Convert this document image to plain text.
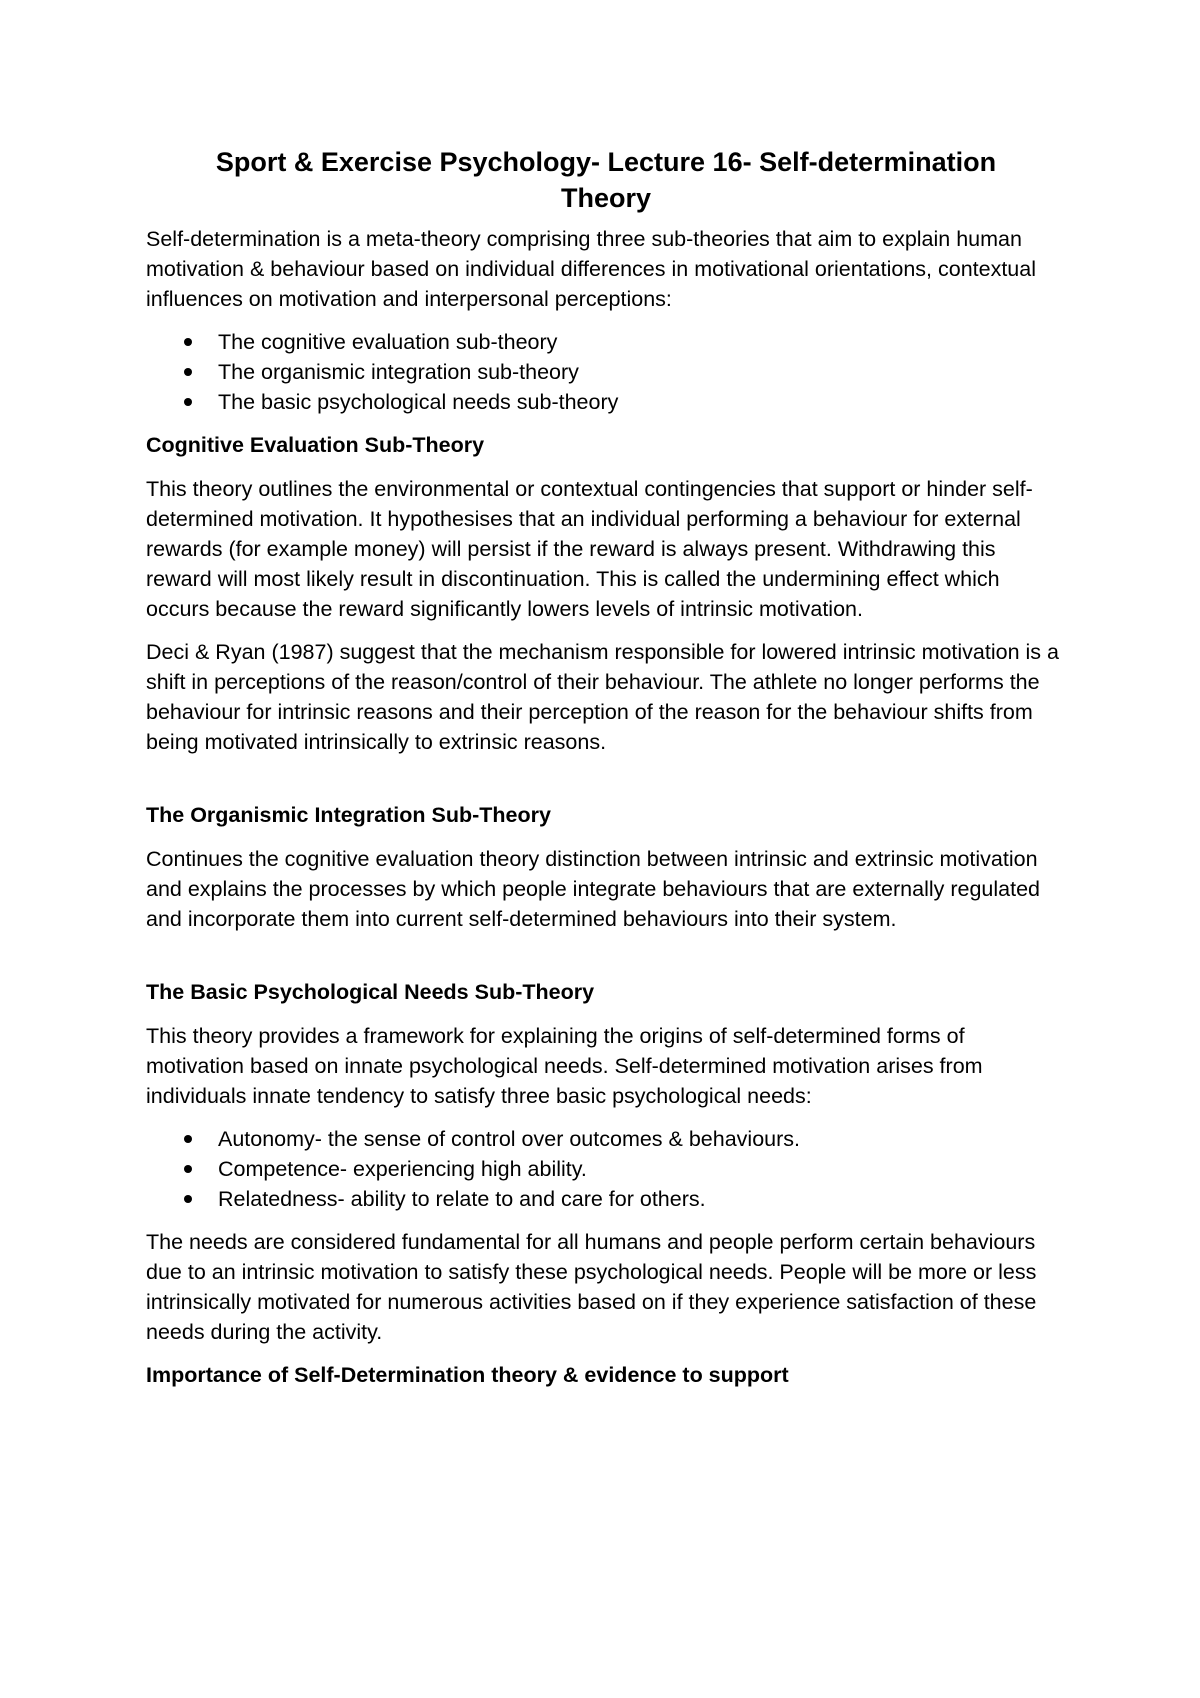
Sport & Exercise Psychology- Lecture 16- Self-determination
Theory

Self-determination is a meta-theory comprising three sub-theories that aim to explain human motivation & behaviour based on individual differences in motivational orientations, contextual influences on motivation and interpersonal perceptions:

The cognitive evaluation sub-theory
The organismic integration sub-theory
The basic psychological needs sub-theory
Cognitive Evaluation Sub-Theory

This theory outlines the environmental or contextual contingencies that support or hinder self-determined motivation. It hypothesises that an individual performing a behaviour for external rewards (for example money) will persist if the reward is always present. Withdrawing this reward will most likely result in discontinuation. This is called the undermining effect which occurs because the reward significantly lowers levels of intrinsic motivation.

Deci & Ryan (1987) suggest that the mechanism responsible for lowered intrinsic motivation is a shift in perceptions of the reason/control of their behaviour. The athlete no longer performs the behaviour for intrinsic reasons and their perception of the reason for the behaviour shifts from being motivated intrinsically to extrinsic reasons.

The Organismic Integration Sub-Theory

Continues the cognitive evaluation theory distinction between intrinsic and extrinsic motivation and explains the processes by which people integrate behaviours that are externally regulated and incorporate them into current self-determined behaviours into their system.

The Basic Psychological Needs Sub-Theory

This theory provides a framework for explaining the origins of self-determined forms of motivation based on innate psychological needs. Self-determined motivation arises from individuals innate tendency to satisfy three basic psychological needs:

Autonomy- the sense of control over outcomes & behaviours.
Competence- experiencing high ability.
Relatedness- ability to relate to and care for others.

The needs are considered fundamental for all humans and people perform certain behaviours due to an intrinsic motivation to satisfy these psychological needs. People will be more or less intrinsically motivated for numerous activities based on if they experience satisfaction of these needs during the activity.

Importance of Self-Determination theory & evidence to support
